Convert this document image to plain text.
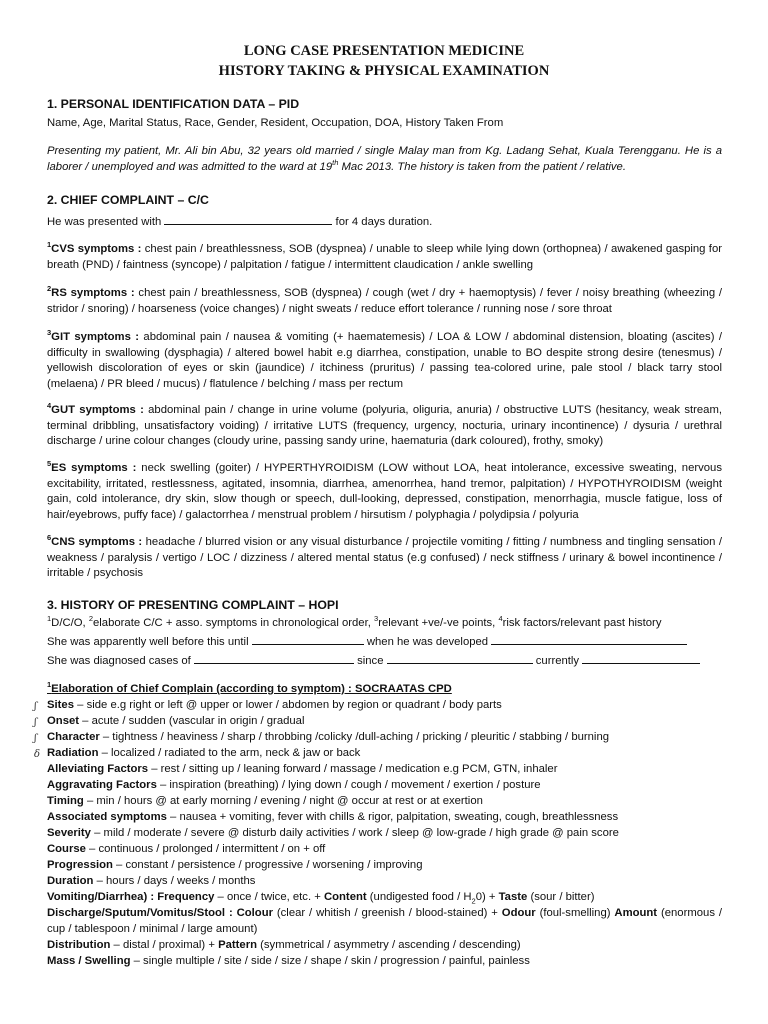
LONG CASE PRESENTATION MEDICINE
HISTORY TAKING & PHYSICAL EXAMINATION
1. PERSONAL IDENTIFICATION DATA – PID
Name, Age, Marital Status, Race, Gender, Resident, Occupation, DOA, History Taken From
Presenting my patient, Mr. Ali bin Abu, 32 years old married / single Malay man from Kg. Ladang Sehat, Kuala Terengganu. He is a laborer / unemployed and was admitted to the ward at 19th Mac 2013. The history is taken from the patient / relative.
2. CHIEF COMPLAINT – C/C
He was presented with	for 4 days duration.
$^1$CVS symptoms : chest pain / breathlessness, SOB (dyspnea) / unable to sleep while lying down (orthopnea) / awakened gasping for breath (PND) / faintness (syncope) / palpitation / fatigue / intermittent claudication / ankle swelling
$^2$RS symptoms : chest pain / breathlessness, SOB (dyspnea) / cough (wet / dry + haemoptysis) / fever / noisy breathing (wheezing / stridor / snoring) / hoarseness (voice changes) / night sweats / reduce effort tolerance / running nose / sore throat
$^3$GIT symptoms : abdominal pain / nausea & vomiting (+ haematemesis) / LOA & LOW / abdominal distension, bloating (ascites) / difficulty in swallowing (dysphagia) / altered bowel habit e.g diarrhea, constipation, unable to BO despite strong desire (tenesmus) / yellowish discoloration of eyes or skin (jaundice) / itchiness (pruritus) / passing tea-colored urine, pale stool / black tarry stool (melaena) / PR bleed / mucus) / flatulence / belching / mass per rectum
$^4$GUT symptoms : abdominal pain / change in urine volume (polyuria, oliguria, anuria) / obstructive LUTS (hesitancy, weak stream, terminal dribbling, unsatisfactory voiding) / irritative LUTS (frequency, urgency, nocturia, urinary incontinence) / dysuria / urethral discharge / urine colour changes (cloudy urine, passing sandy urine, haematuria (dark coloured), frothy, smoky)
$^5$ES symptoms : neck swelling (goiter) / HYPERTHYROIDISM (LOW without LOA, heat intolerance, excessive sweating, nervous excitability, irritated, restlessness, agitated, insomnia, diarrhea, amenorrhea, hand tremor, palpitation) / HYPOTHYROIDISM (weight gain, cold intolerance, dry skin, slow though or speech, dull-looking, depressed, constipation, menorrhagia, muscle fatigue, loss of hair/eyebrows, puffy face) / galactorrhea / menstrual problem / hirsutism / polyphagia / polydipsia / polyuria
$^6$CNS symptoms : headache / blurred vision or any visual disturbance / projectile vomiting / fitting / numbness and tingling sensation / weakness / paralysis / vertigo / LOC / dizziness / altered mental status (e.g confused) / neck stiffness / urinary & bowel incontinence / irritable / psychosis
3. HISTORY OF PRESENTING COMPLAINT – HOPI
$^1$D/C/O, $^2$elaborate C/C + asso. symptoms in chronological order, $^3$relevant +ve/-ve points, $^4$risk factors/relevant past history
She was apparently well before this until	when he was developed
She was diagnosed cases of	since	currently
$^1$Elaboration of Chief Complain (according to symptom) : SOCRAATAS CPD
ʃ
ʃ
ʃ
δ
Sites – side e.g right or left @ upper or lower / abdomen by region or quadrant / body parts
Onset – acute / sudden (vascular in origin / gradual
Character – tightness / heaviness / sharp / throbbing /colicky /dull-aching / pricking / pleuritic / stabbing / burning
Radiation – localized / radiated to the arm, neck & jaw or back
Alleviating Factors – rest / sitting up / leaning forward / massage / medication e.g PCM, GTN, inhaler
Aggravating Factors – inspiration (breathing) / lying down / cough / movement / exertion / posture
Timing – min / hours @ at early morning / evening / night @ occur at rest or at exertion
Associated symptoms – nausea + vomiting, fever with chills & rigor, palpitation, sweating, cough, breathlessness
Severity – mild / moderate / severe @ disturb daily activities / work / sleep @ low-grade / high grade @ pain score
Course – continuous / prolonged / intermittent / on + off
Progression – constant / persistence / progressive / worsening / improving
Duration – hours / days / weeks / months
Vomiting/Diarrhea) : Frequency – once / twice, etc. + Content (undigested food / $H_20$) + Taste (sour / bitter)
Discharge/Sputum/Vomitus/Stool : Colour (clear / whitish / greenish / blood-stained) + Odour (foul-smelling) Amount (enormous / cup / tablespoon / minimal / large amount)
Distribution – distal / proximal) + Pattern (symmetrical / asymmetry / ascending / descending)
Mass / Swelling – single multiple / site / side / size / shape / skin / progression / painful, painless
